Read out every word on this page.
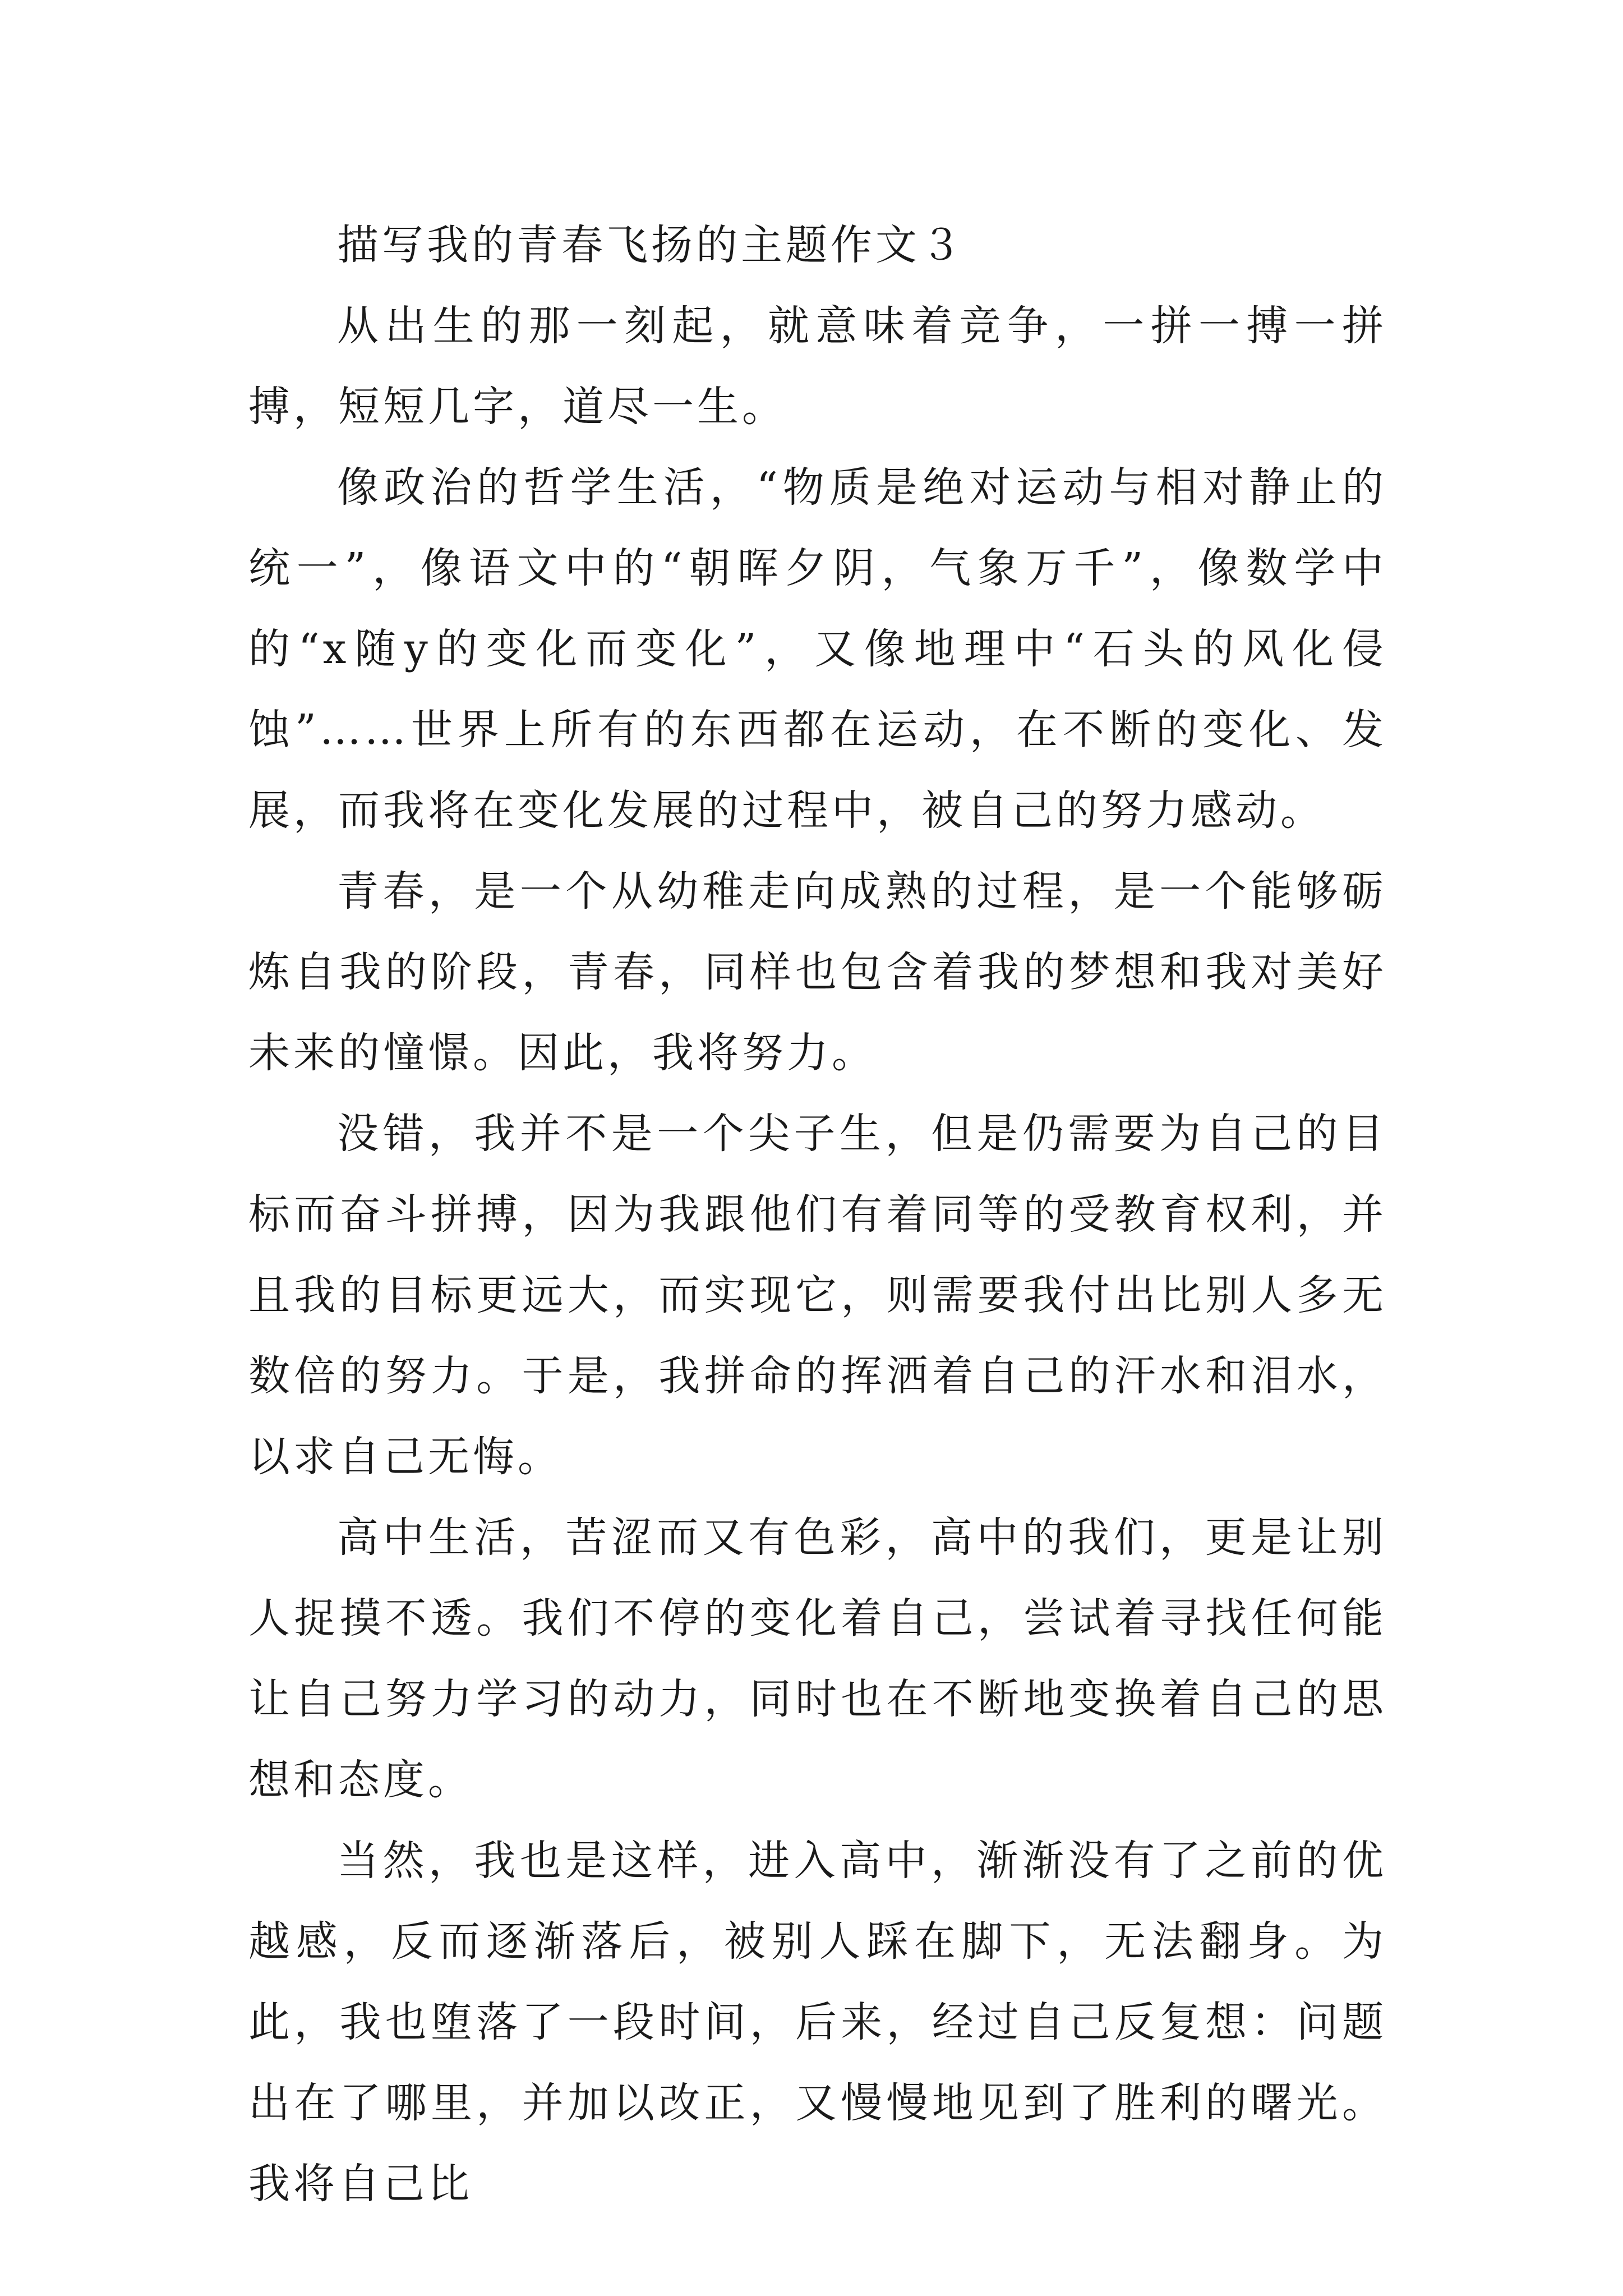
描写我的青春飞扬的主题作文３

从出生的那一刻起，就意味着竞争，一拼一搏一拼搏，短短几字，道尽一生。

像政治的哲学生活，“物质是绝对运动与相对静止的统一”，像语文中的“朝晖夕阴，气象万千”，像数学中的“x随y的变化而变化”，又像地理中“石头的风化侵蚀”……世界上所有的东西都在运动，在不断的变化、发展，而我将在变化发展的过程中，被自己的努力感动。

青春，是一个从幼稚走向成熟的过程，是一个能够砺炼自我的阶段，青春，同样也包含着我的梦想和我对美好未来的憧憬。因此，我将努力。

没错，我并不是一个尖子生，但是仍需要为自己的目标而奋斗拼搏，因为我跟他们有着同等的受教育权利，并且我的目标更远大，而实现它，则需要我付出比别人多无数倍的努力。于是，我拼命的挥洒着自己的汗水和泪水，以求自己无悔。

高中生活，苦涩而又有色彩，高中的我们，更是让别人捉摸不透。我们不停的变化着自己，尝试着寻找任何能让自己努力学习的动力，同时也在不断地变换着自己的思想和态度。

当然，我也是这样，进入高中，渐渐没有了之前的优越感，反而逐渐落后，被别人踩在脚下，无法翻身。为此，我也堕落了一段时间，后来，经过自己反复想：问题出在了哪里，并加以改正，又慢慢地见到了胜利的曙光。我将自己比
